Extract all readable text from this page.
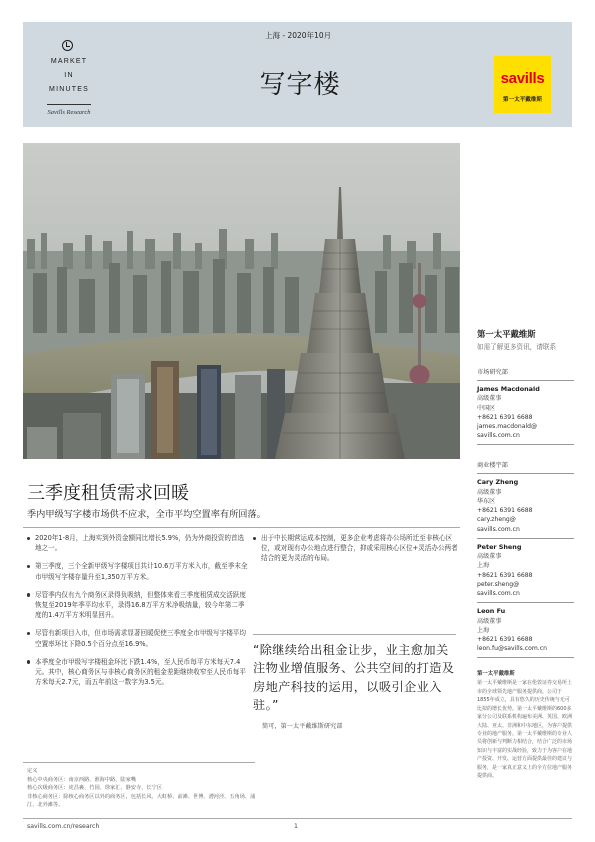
MARKET
IN
MINUTES
Savills Research
上海 - 2020年10月
写字楼	savills
第一太平戴维斯
三季度租赁需求回暖
季内甲级写字楼市场供不应求，全市平均空置率有所回落。
2020年1-8月，上海实到外资金额同比增长5.9%，仍为外商投资的首选地之一。
第三季度，三个全新甲级写字楼项目共计10.6万平方米入市，截至季末全市甲级写字楼存量升至1,350万平方米。
尽管季内仅有九个商务区录得负吸纳，但整体来看三季度租赁成交活跃度恢复至2019年季平均水平，录得16.8万平方米净吸纳量，较今年第二季度的1.4万平方米明显回升。
尽管有新项目入市，但市场需求显著回暖促使三季度全市甲级写字楼平均空置率环比下降0.5个百分点至16.9%。
本季度全市甲级写字楼租金环比下跌1.4%，至人民币每平方米每天7.4元。其中，核心商务区与非核心商务区的租金差距继续收窄至人民币每平方米每天2.7元，而五年前这一数字为3.5元。
出于中长期营运成本控制，更多企业考虑将办公场所迁至非核心区位，或对现有办公地点进行整合，抑或采用核心区位+灵活办公两者结合的更为灵活的布局。
“除继续给出租金让步，业主愈加关注物业增值服务、公共空间的打造及房地产科技的运用，以吸引企业入驻。”
简可，第一太平戴维斯研究部
定义
核心中央商务区：南京西路、淮海中路、陆家嘴
核心次级商务区：虎昌裹、竹园、徐家汇、静安寺、长宁区
非核心商务区：除核心商务区以外的商务区，包括长风、大虹桥、前滩、世博、漕河泾、五角场、浦江、北外滩等。
第一太平戴维斯
如需了解更多资讯，请联系
市场研究部
James Macdonald
高级董事
中国区
+8621 6391 6688
james.macdonald@
savills.com.cn
商业楼宇部
Cary Zheng
高级董事
华东区
+8621 6391 6688
cary.zheng@
savills.com.cn
Peter Sheng
高级董事
上海
+8621 6391 6688
peter.sheng@
savills.com.cn
Leon Fu
高级董事
上海
+8621 6391 6688
leon.fu@savills.com.cn
第一太平戴维斯
第一太平戴维斯是一家在伦敦证券交易所上市的全球领先地产服务提供商。公司于1855年成立，具有悠久的历史传统与无可比拟的增长优势。第一太平戴维斯的600多家分公司及联系机构遍布美洲、英国、欧洲大陆、亚太、非洲和中东地区，为客户提供专业的地产服务。第一太平戴维斯的专业人员将创新与判断力相结合，结合广泛的市场知识与丰富的实战经验，致力于为客户在地产投资、开发、运营方面提供最佳的建议与服务，是一家真正意义上的全方位地产服务提供商。
savills.com.cn/research	1
